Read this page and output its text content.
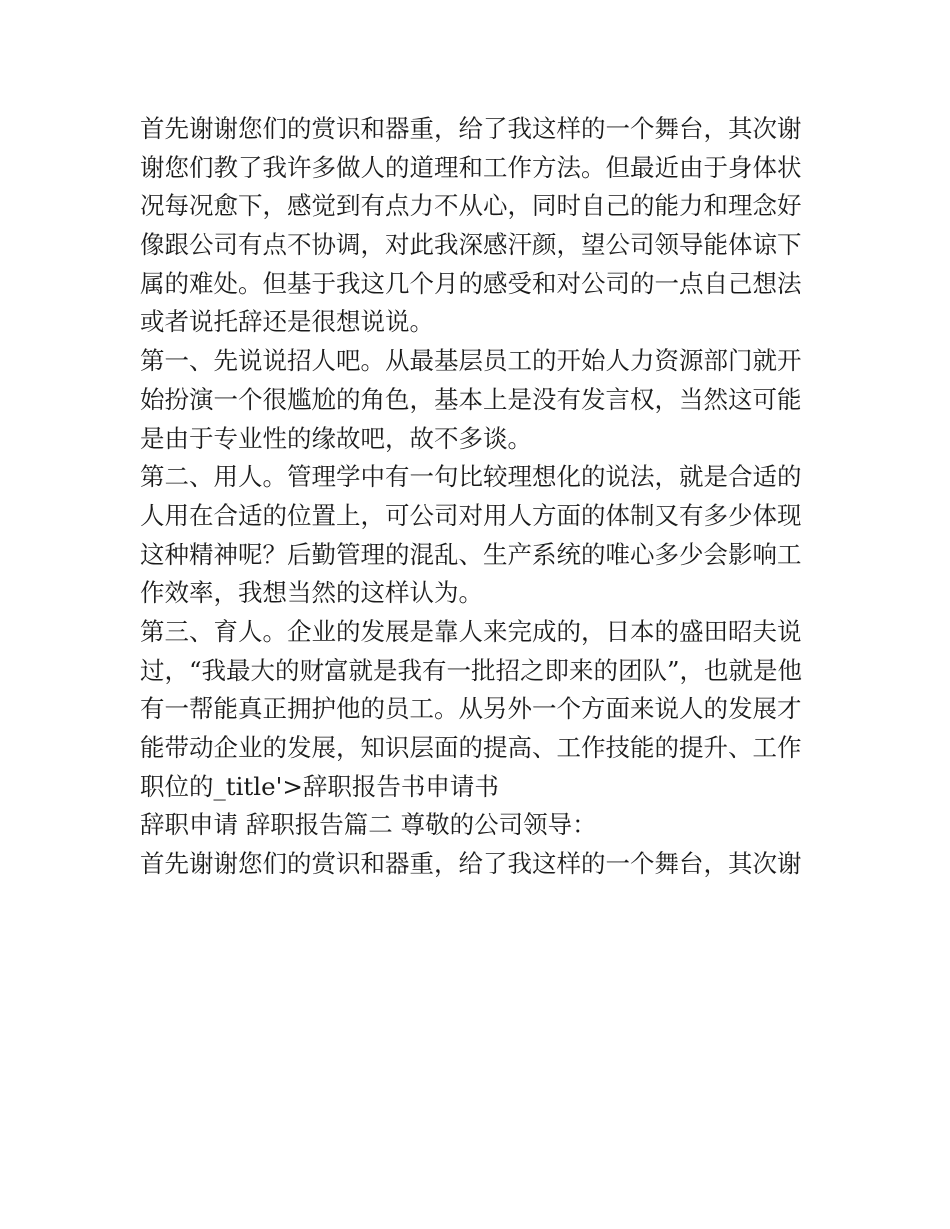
首先谢谢您们的赏识和器重，给了我这样的一个舞台，其次谢
谢您们教了我许多做人的道理和工作方法。但最近由于身体状
况每况愈下，感觉到有点力不从心，同时自己的能力和理念好
像跟公司有点不协调，对此我深感汗颜，望公司领导能体谅下
属的难处。但基于我这几个月的感受和对公司的一点自己想法
或者说托辞还是很想说说。

第一、先说说招人吧。从最基层员工的开始人力资源部门就开
始扮演一个很尴尬的角色，基本上是没有发言权，当然这可能
是由于专业性的缘故吧，故不多谈。

第二、用人。管理学中有一句比较理想化的说法，就是合适的
人用在合适的位置上，可公司对用人方面的体制又有多少体现
这种精神呢？后勤管理的混乱、生产系统的唯心多少会影响工
作效率，我想当然的这样认为。

第三、育人。企业的发展是靠人来完成的，日本的盛田昭夫说
过，“我最大的财富就是我有一批招之即来的团队”，也就是他
有一帮能真正拥护他的员工。从另外一个方面来说人的发展才
能带动企业的发展，知识层面的提高、工作技能的提升、工作
职位的_title'>辞职报告书申请书

辞职申请 辞职报告篇二 尊敬的公司领导：

首先谢谢您们的赏识和器重，给了我这样的一个舞台，其次谢
